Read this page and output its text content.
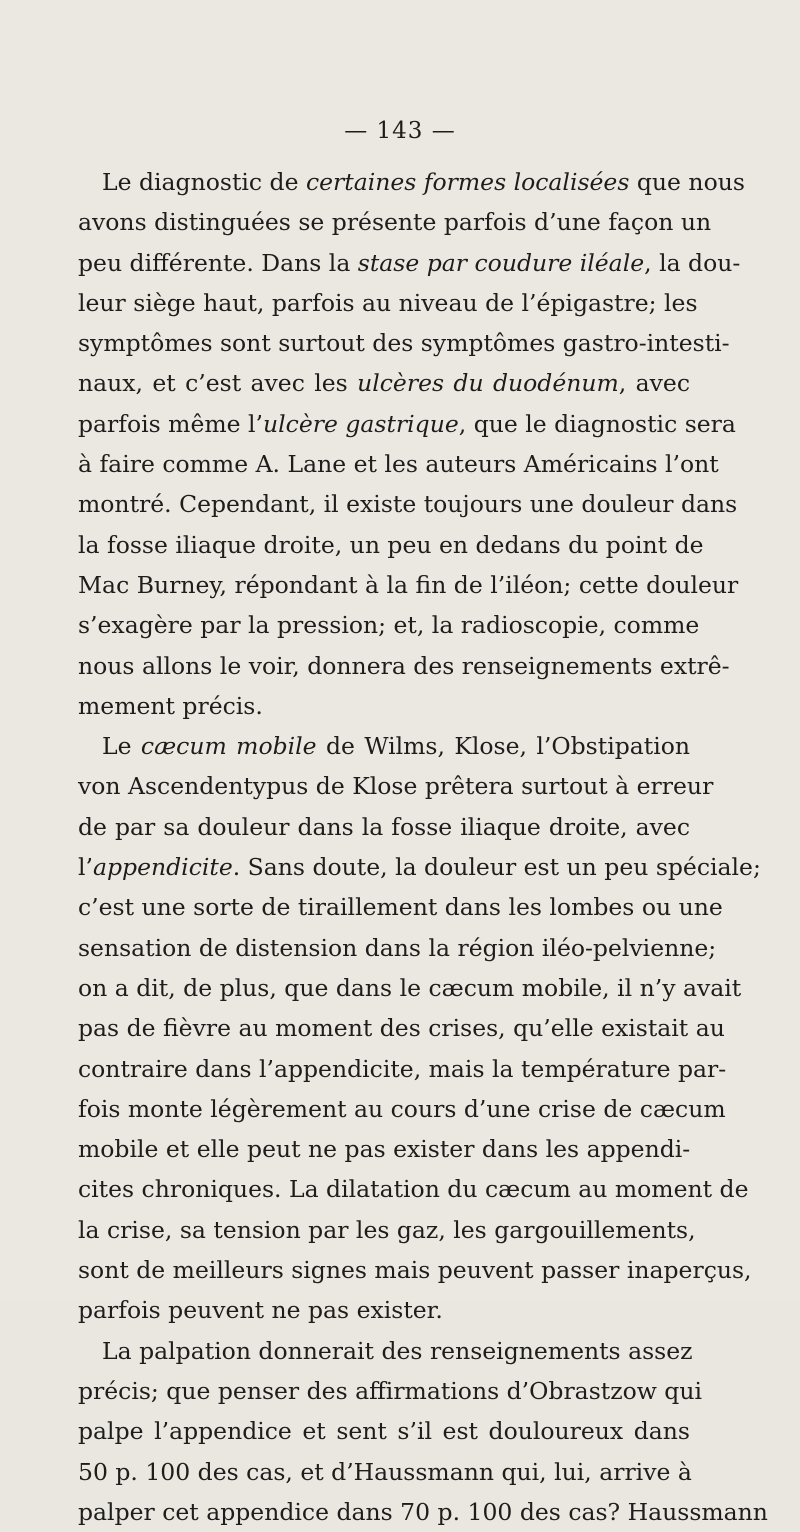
— 143 —
Le diagnostic de certaines formes localisées que nous
avons distinguées se présente parfois d’une façon un
peu différente. Dans la stase par coudure iléale, la dou-
leur siège haut, parfois au niveau de l’épigastre; les
symptômes sont surtout des symptômes gastro-intesti-
naux, et c’est avec les ulcères du duodénum, avec
parfois même l’ulcère gastrique, que le diagnostic sera
à faire comme A. Lane et les auteurs Américains l’ont
montré. Cependant, il existe toujours une douleur dans
la fosse iliaque droite, un peu en dedans du point de
Mac Burney, répondant à la fin de l’iléon; cette douleur
s’exagère par la pression; et, la radioscopie, comme
nous allons le voir, donnera des renseignements extrê-
mement précis.
Le cæcum mobile de Wilms, Klose, l’Obstipation
von Ascendentypus de Klose prêtera surtout à erreur
de par sa douleur dans la fosse iliaque droite, avec
l’appendicite. Sans doute, la douleur est un peu spéciale;
c’est une sorte de tiraillement dans les lombes ou une
sensation de distension dans la région iléo-pelvienne;
on a dit, de plus, que dans le cæcum mobile, il n’y avait
pas de fièvre au moment des crises, qu’elle existait au
contraire dans l’appendicite, mais la température par-
fois monte légèrement au cours d’une crise de cæcum
mobile et elle peut ne pas exister dans les appendi-
cites chroniques. La dilatation du cæcum au moment de
la crise, sa tension par les gaz, les gargouillements,
sont de meilleurs signes mais peuvent passer inaperçus,
parfois peuvent ne pas exister.
La palpation donnerait des renseignements assez
précis; que penser des affirmations d’Obrastzow qui
palpe l’appendice et sent s’il est douloureux dans
50 p. 100 des cas, et d’Haussmann qui, lui, arrive à
palper cet appendice dans 70 p. 100 des cas? Haussmann
